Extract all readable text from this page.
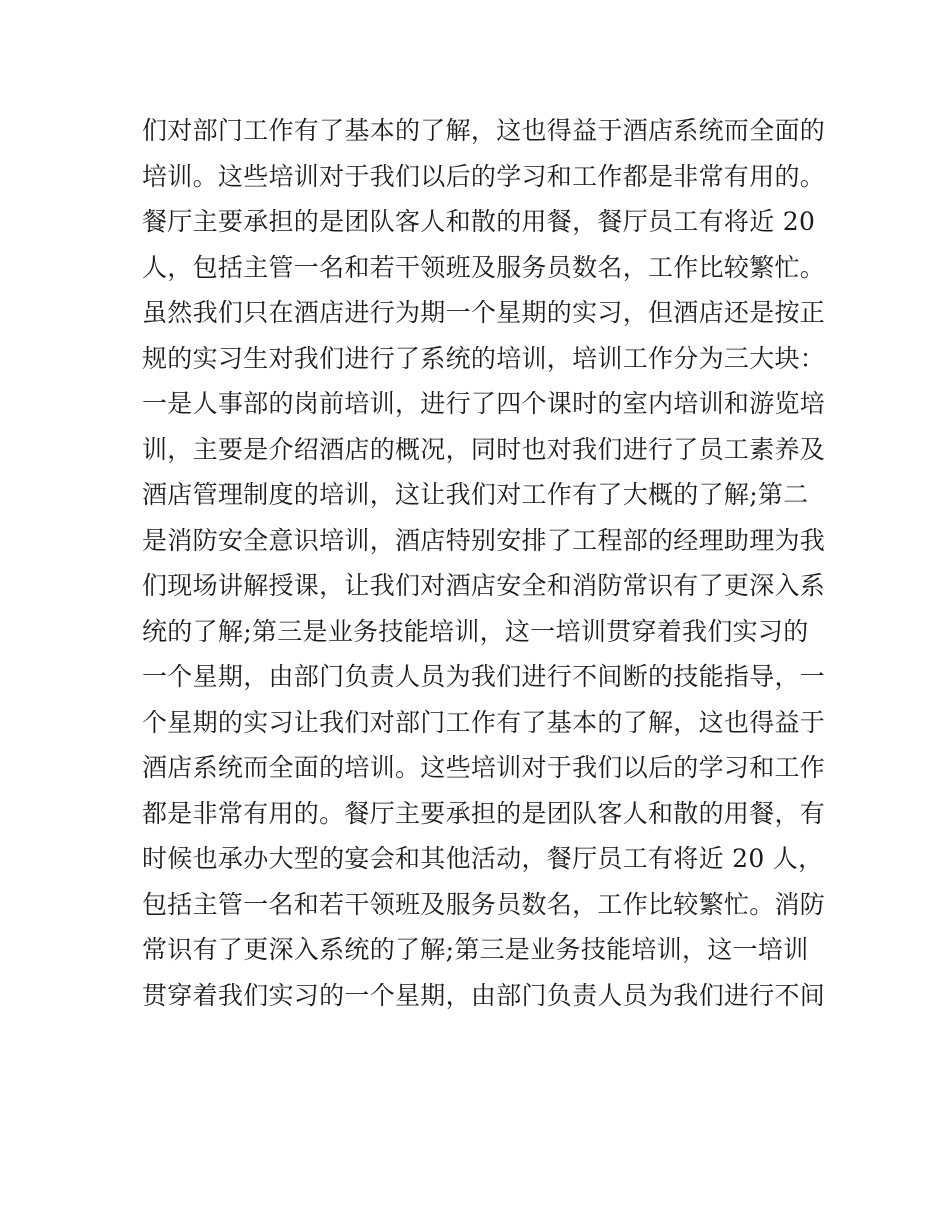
们对部门工作有了基本的了解，这也得益于酒店系统而全面的
培训。这些培训对于我们以后的学习和工作都是非常有用的。
餐厅主要承担的是团队客人和散的用餐，餐厅员工有将近 20
人，包括主管一名和若干领班及服务员数名，工作比较繁忙。
虽然我们只在酒店进行为期一个星期的实习，但酒店还是按正
规的实习生对我们进行了系统的培训，培训工作分为三大块：
一是人事部的岗前培训，进行了四个课时的室内培训和游览培
训，主要是介绍酒店的概况，同时也对我们进行了员工素养及
酒店管理制度的培训，这让我们对工作有了大概的了解;第二
是消防安全意识培训，酒店特别安排了工程部的经理助理为我
们现场讲解授课，让我们对酒店安全和消防常识有了更深入系
统的了解;第三是业务技能培训，这一培训贯穿着我们实习的
一个星期，由部门负责人员为我们进行不间断的技能指导，一
个星期的实习让我们对部门工作有了基本的了解，这也得益于
酒店系统而全面的培训。这些培训对于我们以后的学习和工作
都是非常有用的。餐厅主要承担的是团队客人和散的用餐，有
时候也承办大型的宴会和其他活动，餐厅员工有将近 20 人，
包括主管一名和若干领班及服务员数名，工作比较繁忙。消防
常识有了更深入系统的了解;第三是业务技能培训，这一培训
贯穿着我们实习的一个星期，由部门负责人员为我们进行不间
